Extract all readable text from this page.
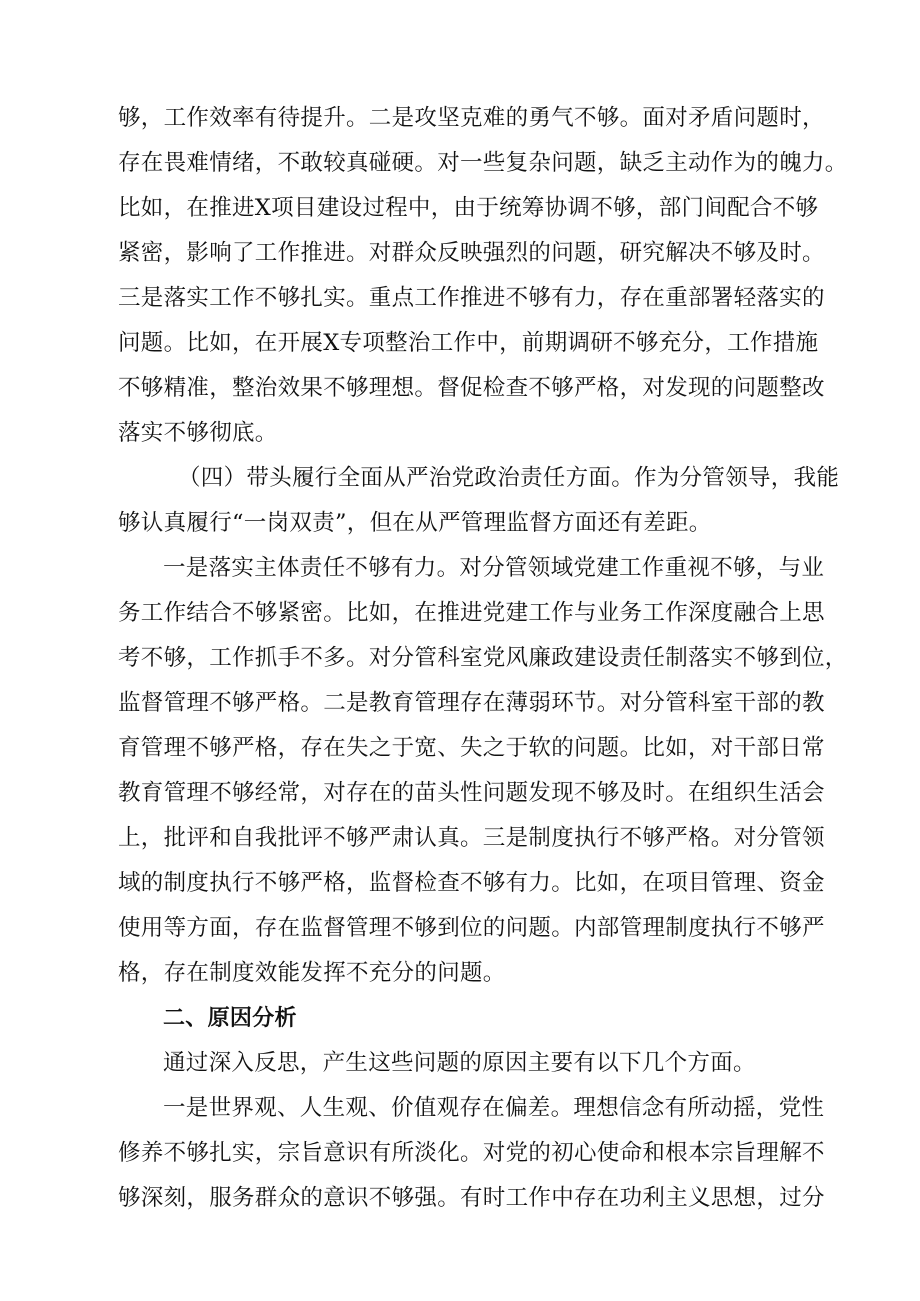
够，工作效率有待提升。二是攻坚克难的勇气不够。面对矛盾问题时，
存在畏难情绪，不敢较真碰硬。对一些复杂问题，缺乏主动作为的魄力。
比如，在推进X项目建设过程中，由于统筹协调不够，部门间配合不够
紧密，影响了工作推进。对群众反映强烈的问题，研究解决不够及时。
三是落实工作不够扎实。重点工作推进不够有力，存在重部署轻落实的
问题。比如，在开展X专项整治工作中，前期调研不够充分，工作措施
不够精准，整治效果不够理想。督促检查不够严格，对发现的问题整改
落实不够彻底。
（四）带头履行全面从严治党政治责任方面。作为分管领导，我能
够认真履行“一岗双责”，但在从严管理监督方面还有差距。
一是落实主体责任不够有力。对分管领域党建工作重视不够，与业
务工作结合不够紧密。比如，在推进党建工作与业务工作深度融合上思
考不够，工作抓手不多。对分管科室党风廉政建设责任制落实不够到位，
监督管理不够严格。二是教育管理存在薄弱环节。对分管科室干部的教
育管理不够严格，存在失之于宽、失之于软的问题。比如，对干部日常
教育管理不够经常，对存在的苗头性问题发现不够及时。在组织生活会
上，批评和自我批评不够严肃认真。三是制度执行不够严格。对分管领
域的制度执行不够严格，监督检查不够有力。比如，在项目管理、资金
使用等方面，存在监督管理不够到位的问题。内部管理制度执行不够严
格，存在制度效能发挥不充分的问题。
二、原因分析
通过深入反思，产生这些问题的原因主要有以下几个方面。
一是世界观、人生观、价值观存在偏差。理想信念有所动摇，党性
修养不够扎实，宗旨意识有所淡化。对党的初心使命和根本宗旨理解不
够深刻，服务群众的意识不够强。有时工作中存在功利主义思想，过分
